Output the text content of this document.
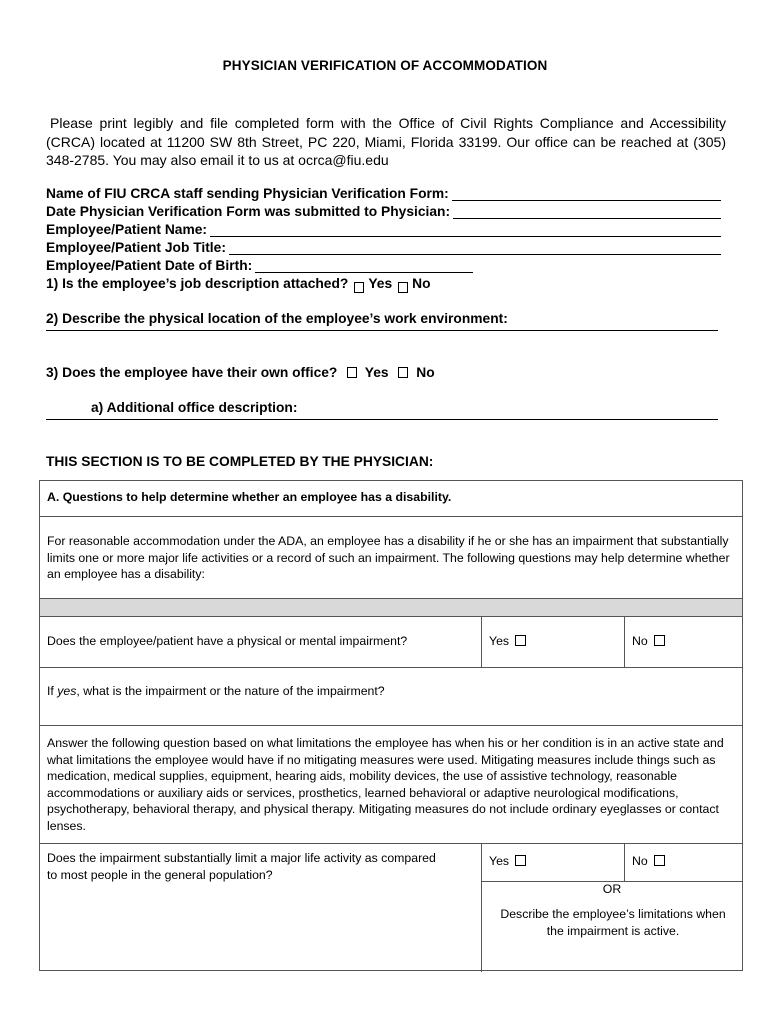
PHYSICIAN VERIFICATION OF ACCOMMODATION

Please print legibly and file completed form with the Office of Civil Rights Compliance and Accessibility (CRCA) located at 11200 SW 8th Street, PC 220, Miami, Florida 33199. Our office can be reached at (305) 348-2785. You may also email it to us at ocrca@fiu.edu

Name of FIU CRCA staff sending Physician Verification Form:
Date Physician Verification Form was submitted to Physician:
Employee/Patient Name:
Employee/Patient Job Title:
Employee/Patient Date of Birth:
1) Is the employee’s job description attached? Yes No
2) Describe the physical location of the employee’s work environment:
3) Does the employee have their own office? Yes No
a) Additional office description:
THIS SECTION IS TO BE COMPLETED BY THE PHYSICIAN:
A. Questions to help determine whether an employee has a disability.
For reasonable accommodation under the ADA, an employee has a disability if he or she has an impairment that substantially limits one or more major life activities or a record of such an impairment. The following questions may help determine whether an employee has a disability:
Does the employee/patient have a physical or mental impairment?	Yes	No
If yes, what is the impairment or the nature of the impairment?
Answer the following question based on what limitations the employee has when his or her condition is in an active state and what limitations the employee would have if no mitigating measures were used. Mitigating measures include things such as medication, medical supplies, equipment, hearing aids, mobility devices, the use of assistive technology, reasonable accommodations or auxiliary aids or services, prosthetics, learned behavioral or adaptive neurological modifications, psychotherapy, behavioral therapy, and physical therapy. Mitigating measures do not include ordinary eyeglasses or contact lenses.
Does the impairment substantially limit a major life activity as compared to most people in the general population?
Yes	No
OR
Describe the employee’s limitations when the impairment is active.
